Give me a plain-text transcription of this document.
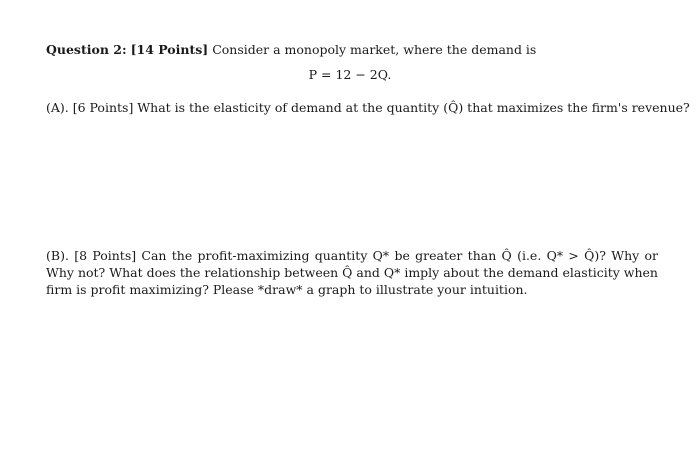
Question 2: [14 Points] Consider a monopoly market, where the demand is
P = 12 − 2Q.
(A). [6 Points] What is the elasticity of demand at the quantity (Q̂) that maximizes the firm's revenue?
(B). [8 Points] Can the profit-maximizing quantity Q* be greater than Q̂ (i.e. Q* > Q̂)? Why or Why not? What does the relationship between Q̂ and Q* imply about the demand elasticity when firm is profit maximizing? Please *draw* a graph to illustrate your intuition.
